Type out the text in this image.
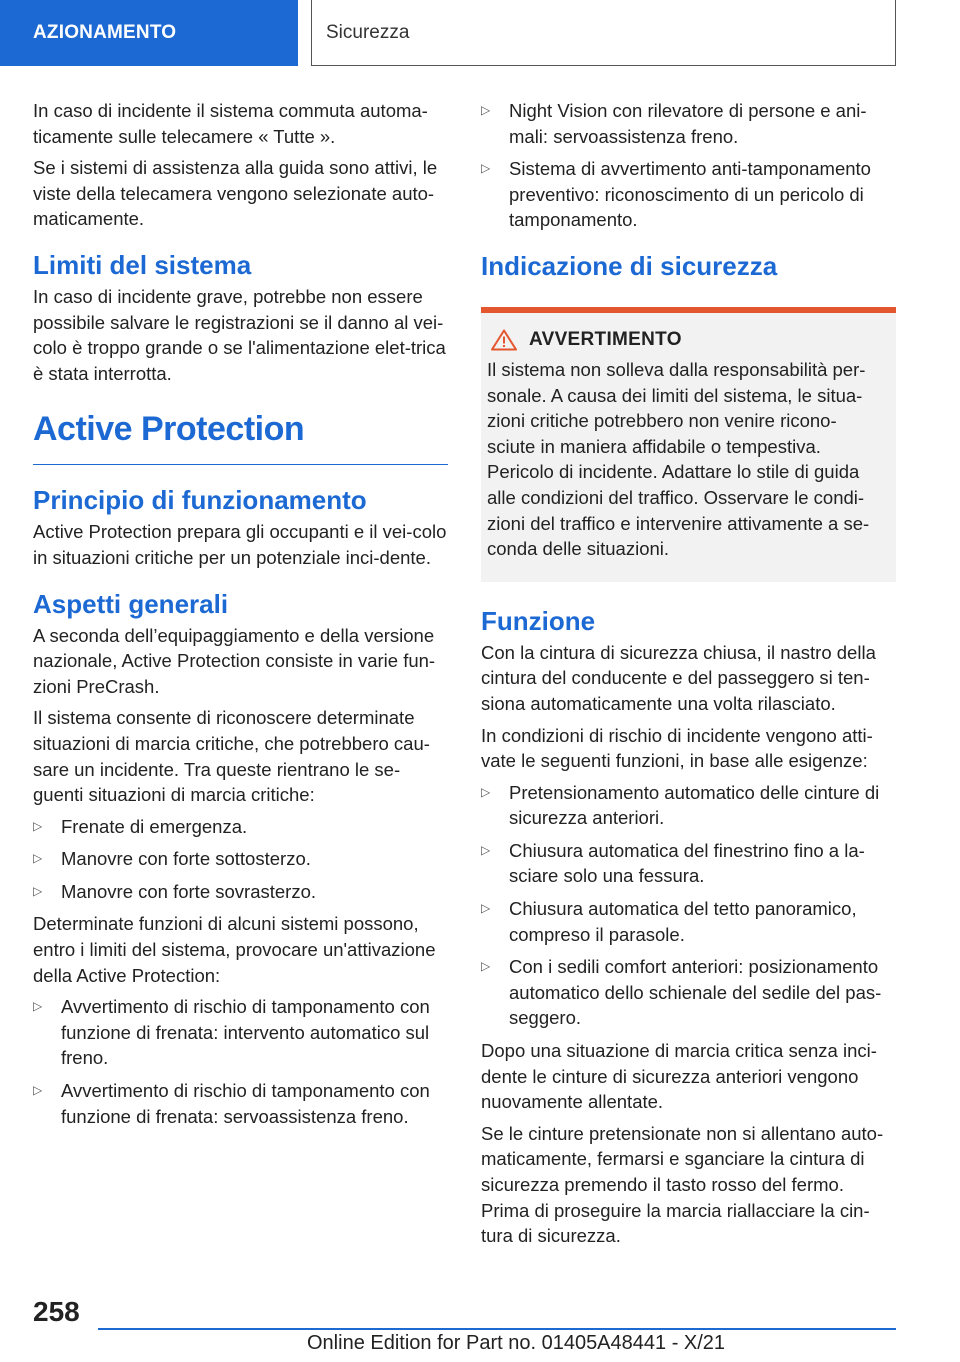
AZIONAMENTO	Sicurezza

In caso di incidente il sistema commuta automa-ticamente sulle telecamere « Tutte ».

Se i sistemi di assistenza alla guida sono attivi, le viste della telecamera vengono selezionate auto-maticamente.

Limiti del sistema

In caso di incidente grave, potrebbe non essere possibile salvare le registrazioni se il danno al vei-colo è troppo grande o se l'alimentazione elet-trica è stata interrotta.

Active Protection
Principio di funzionamento

Active Protection prepara gli occupanti e il vei-colo in situazioni critiche per un potenziale inci-dente.

Aspetti generali

A seconda dell’equipaggiamento e della versione nazionale, Active Protection consiste in varie fun-zioni PreCrash.

Il sistema consente di riconoscere determinate situazioni di marcia critiche, che potrebbero cau-sare un incidente. Tra queste rientrano le se-guenti situazioni di marcia critiche:

▷ Frenate di emergenza.
▷ Manovre con forte sottosterzo.
▷ Manovre con forte sovrasterzo.

Determinate funzioni di alcuni sistemi possono, entro i limiti del sistema, provocare un'attivazione della Active Protection:

▷ Avvertimento di rischio di tamponamento con funzione di frenata: intervento automatico sul freno.
▷ Avvertimento di rischio di tamponamento con funzione di frenata: servoassistenza freno.
▷ Night Vision con rilevatore di persone e ani-mali: servoassistenza freno.
▷ Sistema di avvertimento anti-tamponamento preventivo: riconoscimento di un pericolo di tamponamento.
Indicazione di sicurezza
AVVERTIMENTO

Il sistema non solleva dalla responsabilità per-sonale. A causa dei limiti del sistema, le situa-zioni critiche potrebbero non venire ricono-sciute in maniera affidabile o tempestiva. Pericolo di incidente. Adattare lo stile di guida alle condizioni del traffico. Osservare le condi-zioni del traffico e intervenire attivamente a se-conda delle situazioni.

Funzione

Con la cintura di sicurezza chiusa, il nastro della cintura del conducente e del passeggero si ten-siona automaticamente una volta rilasciato.

In condizioni di rischio di incidente vengono atti-vate le seguenti funzioni, in base alle esigenze:

▷ Pretensionamento automatico delle cinture di sicurezza anteriori.
▷ Chiusura automatica del finestrino fino a la-sciare solo una fessura.
▷ Chiusura automatica del tetto panoramico, compreso il parasole.
▷ Con i sedili comfort anteriori: posizionamento automatico dello schienale del sedile del pas-seggero.

Dopo una situazione di marcia critica senza inci-dente le cinture di sicurezza anteriori vengono nuovamente allentate.

Se le cinture pretensionate non si allentano auto-maticamente, fermarsi e sganciare la cintura di sicurezza premendo il tasto rosso del fermo. Prima di proseguire la marcia riallacciare la cin-tura di sicurezza.

258
Online Edition for Part no. 01405A48441 - X/21
